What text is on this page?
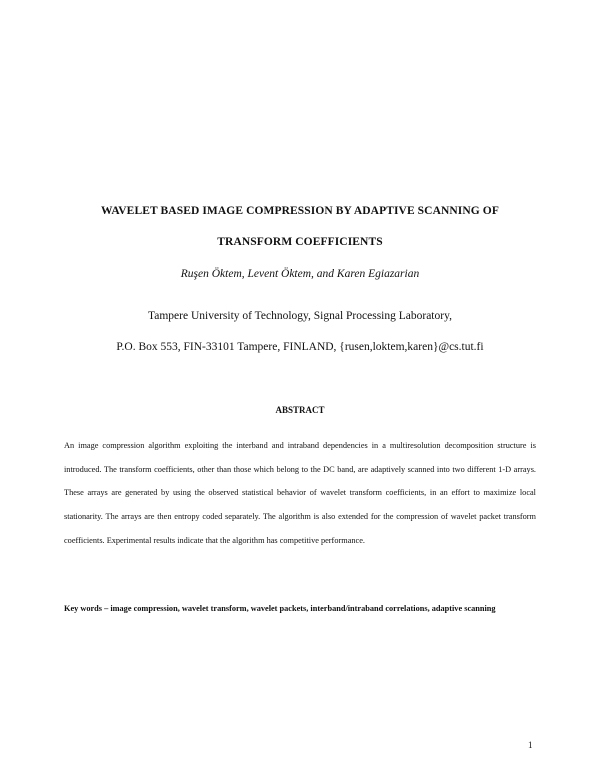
WAVELET BASED IMAGE COMPRESSION BY ADAPTIVE SCANNING OF
TRANSFORM COEFFICIENTS
Ruşen Öktem, Levent Öktem, and Karen Egiazarian
Tampere University of Technology, Signal Processing Laboratory,
P.O. Box 553, FIN-33101 Tampere, FINLAND, {rusen,loktem,karen}@cs.tut.fi
ABSTRACT

An image compression algorithm exploiting the interband and intraband dependencies in a multiresolution decomposition structure is introduced. The transform coefficients, other than those which belong to the DC band, are adaptively scanned into two different 1-D arrays. These arrays are generated by using the observed statistical behavior of wavelet transform coefficients, in an effort to maximize local stationarity. The arrays are then entropy coded separately. The algorithm is also extended for the compression of wavelet packet transform coefficients. Experimental results indicate that the algorithm has competitive performance.

Key words – image compression, wavelet transform, wavelet packets, interband/intraband correlations, adaptive scanning

1
